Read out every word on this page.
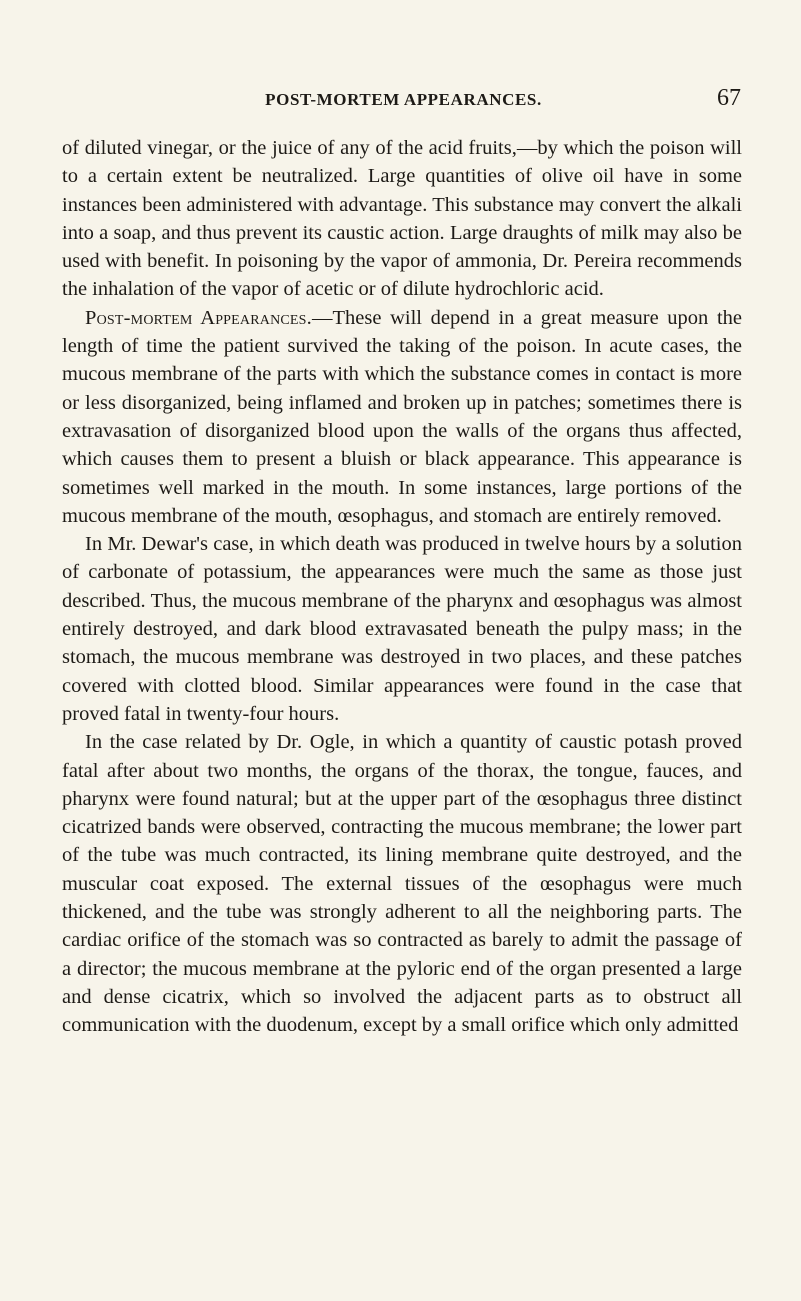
POST-MORTEM APPEARANCES.	67

of diluted vinegar, or the juice of any of the acid fruits,—by which the poison will to a certain extent be neutralized. Large quantities of olive oil have in some instances been administered with advantage. This substance may convert the alkali into a soap, and thus prevent its caustic action. Large draughts of milk may also be used with benefit. In poisoning by the vapor of ammonia, Dr. Pereira recommends the inhalation of the vapor of acetic or of dilute hydrochloric acid.

Post-mortem Appearances.—These will depend in a great measure upon the length of time the patient survived the taking of the poison. In acute cases, the mucous membrane of the parts with which the substance comes in contact is more or less disorganized, being inflamed and broken up in patches; sometimes there is extravasation of disorganized blood upon the walls of the organs thus affected, which causes them to present a bluish or black appearance. This appearance is sometimes well marked in the mouth. In some instances, large portions of the mucous membrane of the mouth, œsophagus, and stomach are entirely removed.

In Mr. Dewar's case, in which death was produced in twelve hours by a solution of carbonate of potassium, the appearances were much the same as those just described. Thus, the mucous membrane of the pharynx and œsophagus was almost entirely destroyed, and dark blood extravasated beneath the pulpy mass; in the stomach, the mucous membrane was destroyed in two places, and these patches covered with clotted blood. Similar appearances were found in the case that proved fatal in twenty-four hours.

In the case related by Dr. Ogle, in which a quantity of caustic potash proved fatal after about two months, the organs of the thorax, the tongue, fauces, and pharynx were found natural; but at the upper part of the œsophagus three distinct cicatrized bands were observed, contracting the mucous membrane; the lower part of the tube was much contracted, its lining membrane quite destroyed, and the muscular coat exposed. The external tissues of the œsophagus were much thickened, and the tube was strongly adherent to all the neighboring parts. The cardiac orifice of the stomach was so contracted as barely to admit the passage of a director; the mucous membrane at the pyloric end of the organ presented a large and dense cicatrix, which so involved the adjacent parts as to obstruct all communication with the duodenum, except by a small orifice which only admitted
